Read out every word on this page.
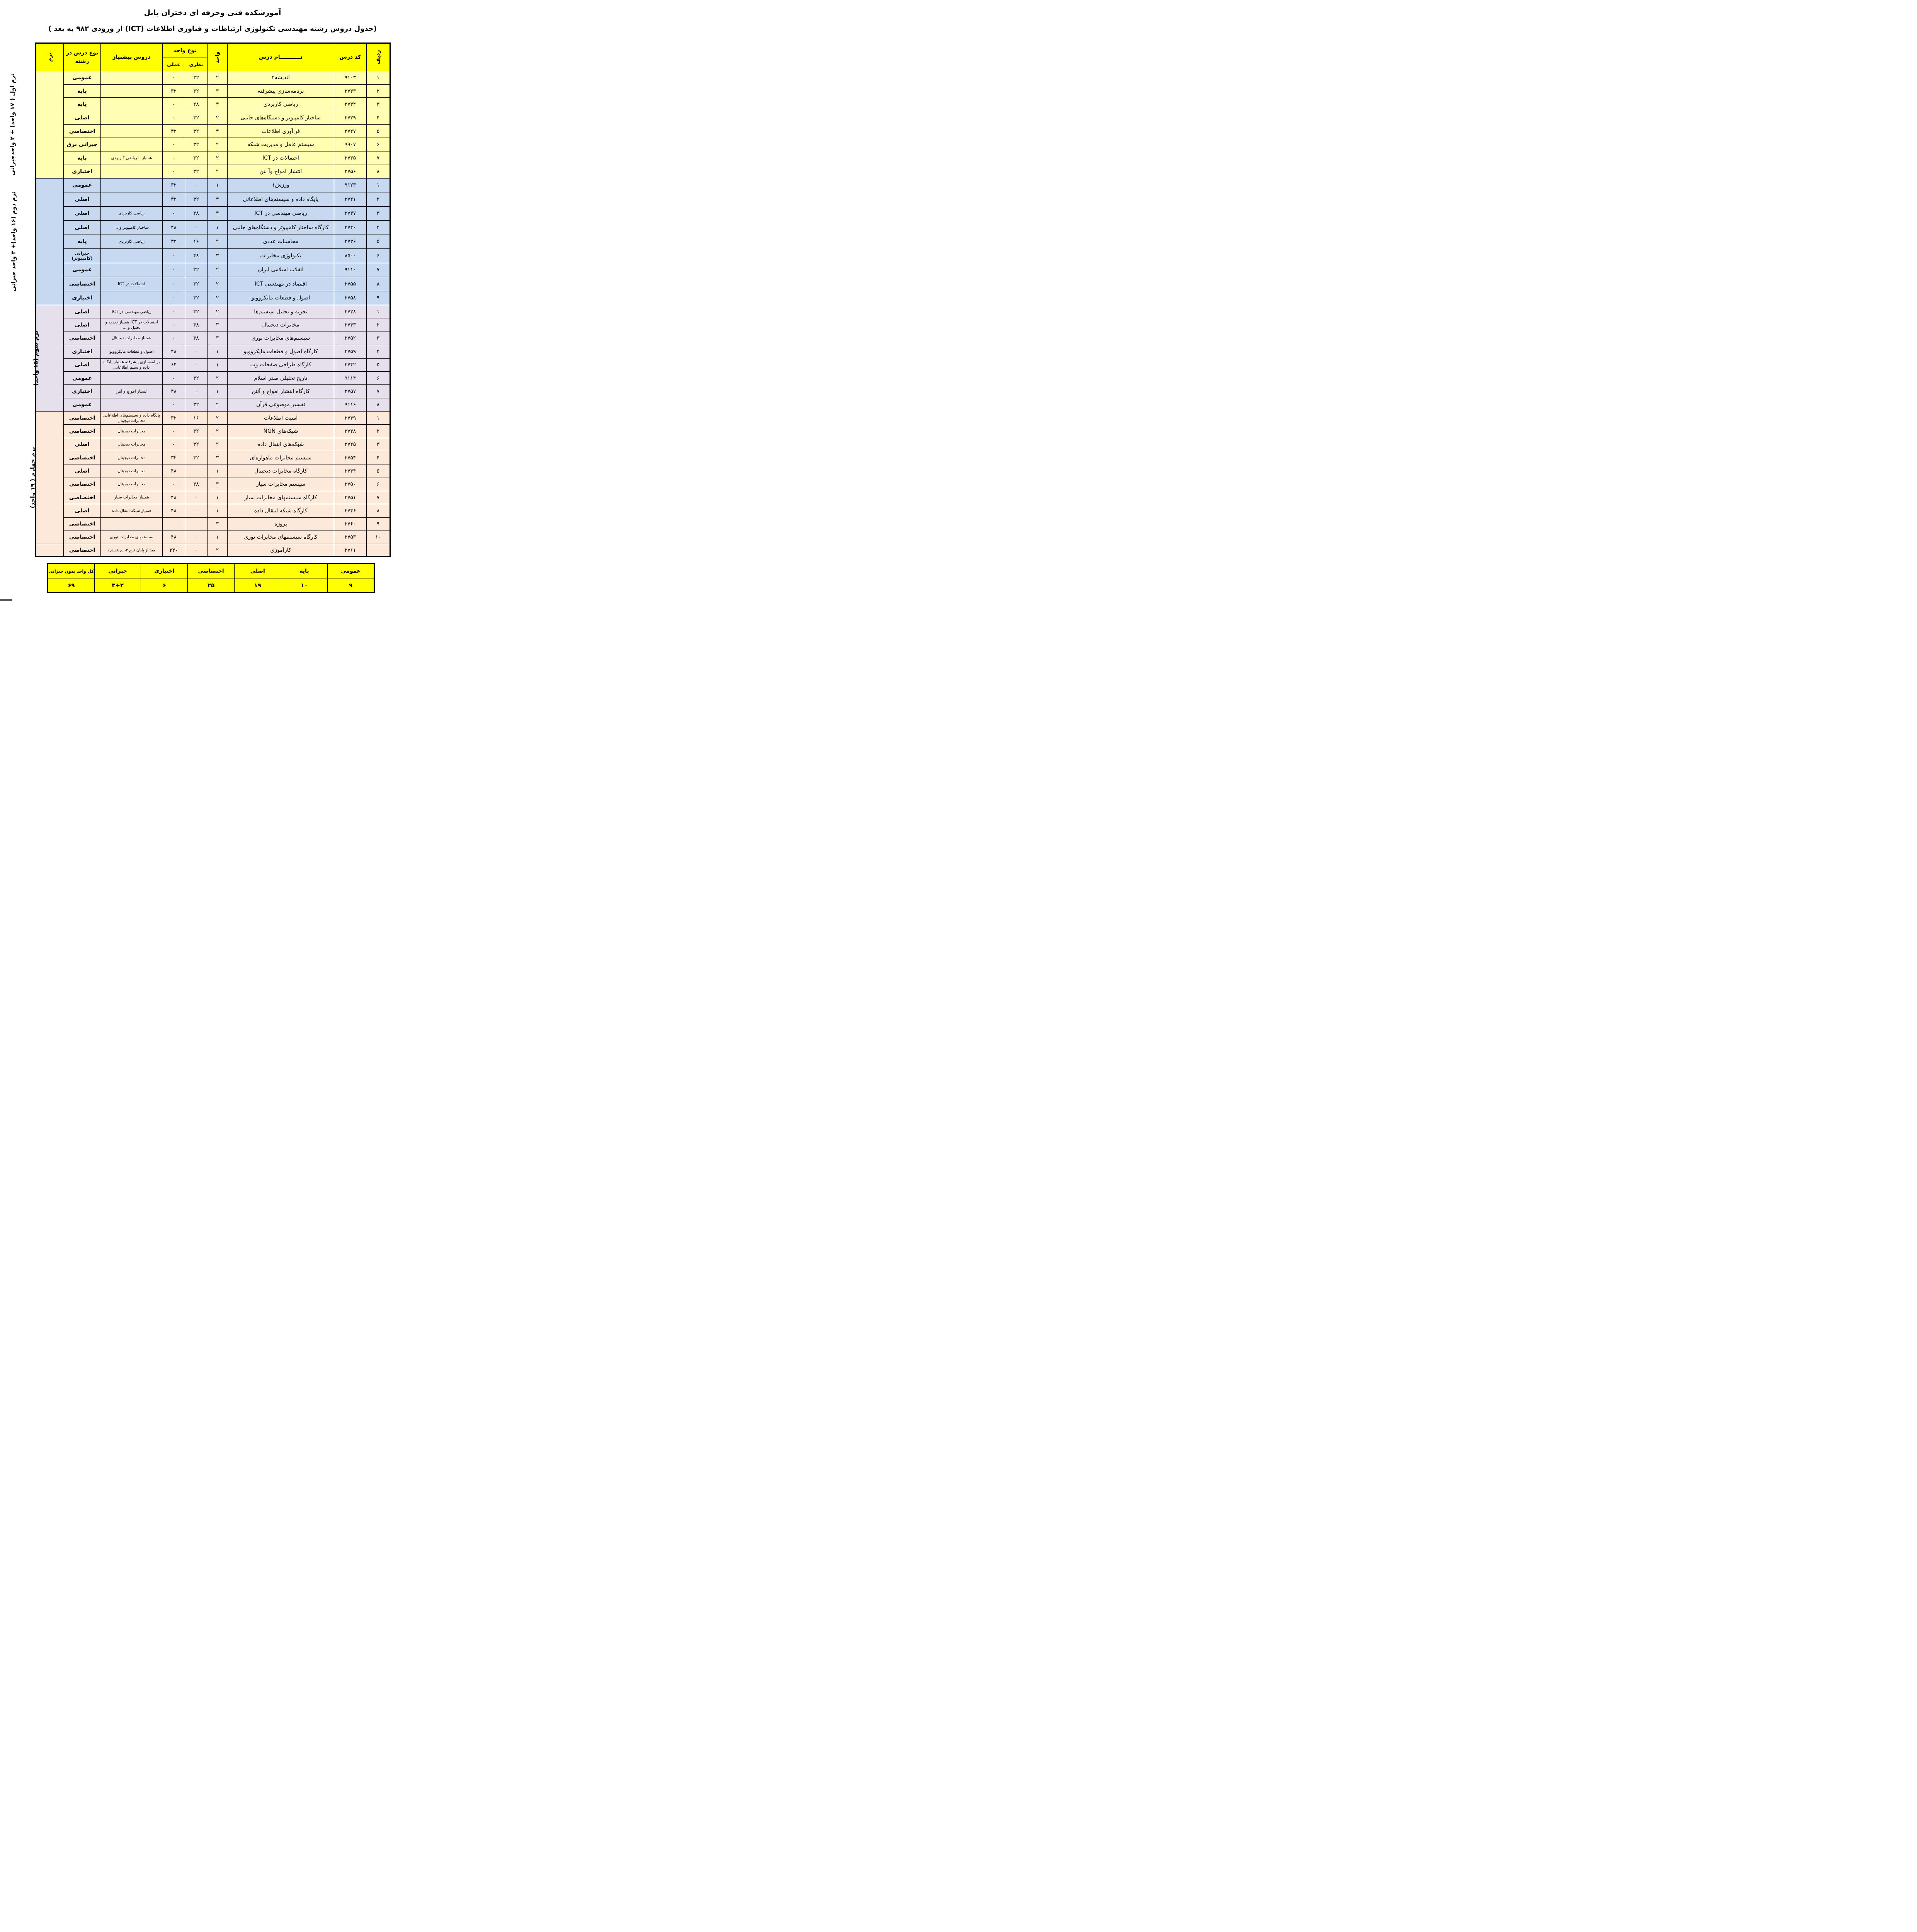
آموزشکده فنی وحرفه ای دختران بابل
(جدول دروس رشته مهندسی تکنولوژی ارتباطات و فناوری اطلاعات (ICT) از ورودی ۹۸۲ به بعد )
ردیف	کد درس	نـــــــــــام درس	واحد	نوع واحد		دروس پیشنیاز	نوع درس در رشته	ترم
				نظری	عملی			
۱	۹۱۰۳	اندیشه۲	۲	۳۲	۰		عمومی	ترم اول ( ۱۷ واحد) + ۲ واحدجبرانی
۲	۲۷۳۳	برنامه‌سازی پیشرفته	۳	۳۲	۳۲		پایه	
۳	۲۷۳۴	ریاضی کاربردی	۳	۴۸	۰		پایه	
۴	۲۷۳۹	ساختار کامپیوتر و دستگاه‌های جانبی	۲	۳۲	۰		اصلی	
۵	۲۷۴۷	فن‌آوری اطلاعات	۳	۳۲	۳۲		اختصاصی	
۶	۹۹۰۷	سیستم عامل و مدیریت شبکه	۲	۳۲	۰		جبرانی برق	
۷	۲۷۳۵	احتمالات در ICT	۲	۳۲	۰	همنیاز با ریاضی کاربردی	پایه	
۸	۲۷۵۶	انتشار امواج وآ نتن	۲	۳۲	۰		اختیاری	
۱	۹۱۲۳	ورزش۱	۱	۰	۳۲		عمومی	ترم دوم (۱۶ واحد)+ ۳ واحد جبرانی
۲	۲۷۴۱	پایگاه داده و سیستم‌های اطلاعاتی	۳	۳۲	۳۲		اصلی	
۳	۲۷۳۷	ریاضی مهندسی در ICT	۳	۴۸	۰	ریاضی کاربردی	اصلی	
۴	۲۷۴۰	کارگاه ساختار کامپیوتر و دستگاه‌های جانبی	۱	۰	۴۸	ساختار کامپیوتر و ...	اصلی	
۵	۲۷۳۶	محاسبات عددی	۲	۱۶	۳۲	ریاضی کاربردی	پایه	
۶	۸۵۰۰	تکنولوژی مخابرات	۳	۴۸	۰		جبرانی (کامپیوتر)	
۷	۹۱۱۰	انقلاب اسلامی ایران	۲	۳۲	۰		عمومی	
۸	۲۷۵۵	اقتصاد در مهندسی ICT	۲	۳۲	۰	احتمالات در ICT	اختصاصی	
۹	۲۷۵۸	اصول و قطعات مایکروویو	۲	۳۲	۰		اختیاری	
۱	۲۷۳۸	تجزیه و تحلیل سیستم‌ها	۲	۳۲	۰	ریاضی مهندسی در ICT	اصلی	ترم سوم (۱۵ واحد)
۲	۲۷۴۳	مخابرات دیجیتال	۳	۴۸	۰	احتمالات در ICT همنیاز تجزیه و تحلیل و ...	اصلی	
۳	۲۷۵۲	سیستم‌های مخابرات نوری	۳	۴۸	۰	همنیاز مخابرات دیجیتال	اختصاصی	
۴	۲۷۵۹	کارگاه اصول و قطعات مایکروویو	۱	۰	۴۸	اصول و قطعات مایکروویو	اختیاری	
۵	۲۷۴۲	کارگاه طراحی صفحات وب	۱	۰	۶۴	برنامه‌سازی پیشرفته همنیاز پایگاه داده و سیتم اطلاعاتی	اصلی	
۶	۹۱۱۴	تاریخ تحلیلی صدر اسلام	۲	۳۲	۰		عمومی	
۷	۲۷۵۷	کارگاه انتشار امواج و آنتن	۱	۰	۴۸	انتشار امواج و آنتن	اختیاری	
۸	۹۱۱۶	تفسیر موضوعی قرآن	۲	۳۲	۰		عمومی	
۱	۲۷۴۹	امنیت اطلاعات	۲	۱۶	۳۲	پایگاه داده و سیستم‌های اطلاعاتی مخابرات دیجیتال	اختصاصی	ترم چهارم ( ۱۹ واحد)
۲	۲۷۴۸	شبکه‌های NGN	۲	۳۲	۰	مخابرات دیجیتال	اختصاصی	
۳	۲۷۴۵	شبکه‌های انتقال داده	۲	۳۲	۰	مخابرات دیجیتال	اصلی	
۴	۲۷۵۴	سیستم مخابرات ماهواره‌ای	۳	۳۲	۳۲	مخابرات دیجیتال	اختصاصی	
۵	۲۷۴۴	کارگاه مخابرات دیجیتال	۱	۰	۴۸	مخابرات دیجیتال	اصلی	
۶	۲۷۵۰	سیستم مخابرات سیار	۳	۴۸	۰	مخابرات دیجیتال	اختصاصی	
۷	۲۷۵۱	کارگاه سیستمهای مخابرات سیار	۱	۰	۴۸	همنیاز مخابرات سیار	اختصاصی	
۸	۲۷۴۶	کارگاه شبکه انتقال داده	۱	۰	۴۸	همنیاز شبکه انتقال داده	اصلی	
۹	۲۷۶۰	پروژه	۳				اختصاصی	
۱۰	۲۷۵۳	کارگاه سیستمهای مخابرات نوری	۱	۰	۴۸	سیستمهای مخابرات نوری	اختصاصی	
	۲۷۶۱	کارآموزی	۲	۰	۲۴۰	بعد از پایان ترم ۳(ترم تابستان)	اختصاصی	
عمومی	پایه	اصلی	اختصاصی	اختیاری	جبرانی	کل واحد بدون جبرانی
۹	۱۰	۱۹	۲۵	۶	۳+۲	۶۹
